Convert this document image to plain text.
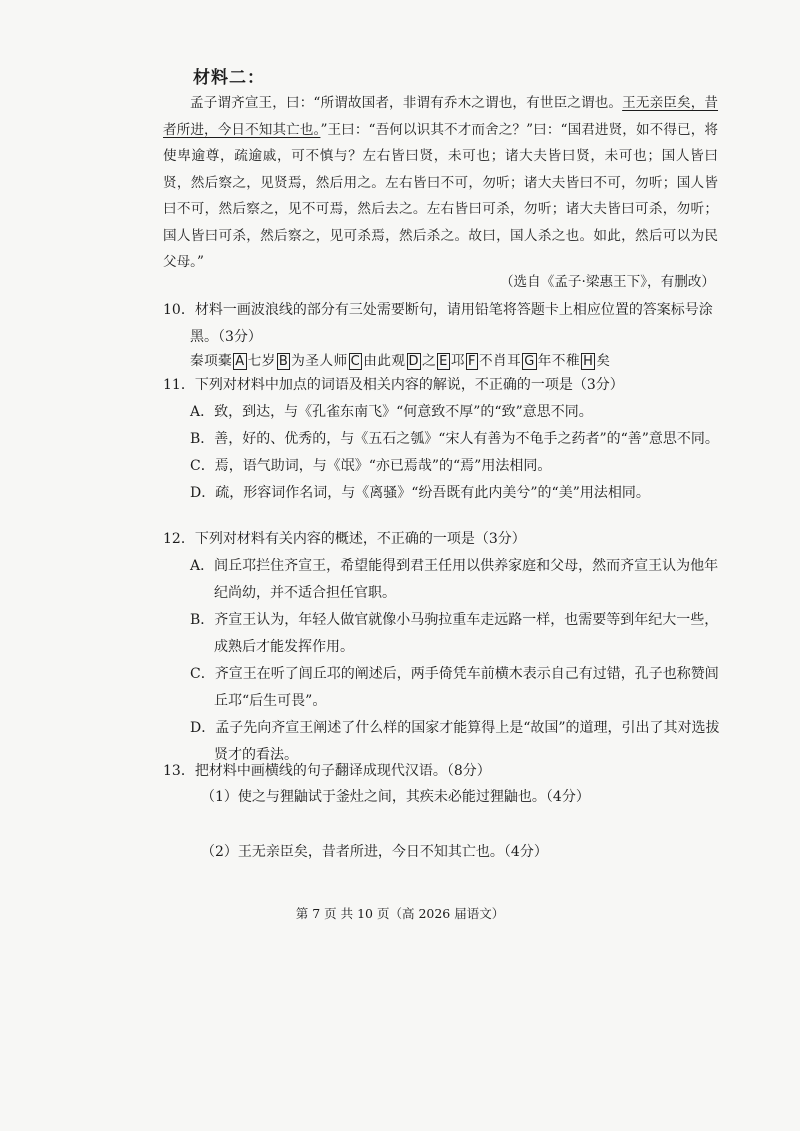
材料二：

孟子谓齐宣王，曰：“所谓故国者，非谓有乔木之谓也，有世臣之谓也。王无亲臣矣，昔者所进，今日不知其亡也。”王曰：“吾何以识其不才而舍之？”曰：“国君进贤，如不得已，将使卑逾尊，疏逾戚，可不慎与？左右皆曰贤，未可也；诸大夫皆曰贤，未可也；国人皆曰贤，然后察之，见贤焉，然后用之。左右皆曰不可，勿听；诸大夫皆曰不可，勿听；国人皆曰不可，然后察之，见不可焉，然后去之。左右皆曰可杀，勿听；诸大夫皆曰可杀，勿听；国人皆曰可杀，然后察之，见可杀焉，然后杀之。故曰，国人杀之也。如此，然后可以为民父母。”

（选自《孟子·梁惠王下》，有删改）
10．材料一画波浪线的部分有三处需要断句，请用铅笔将答题卡上相应位置的答案标号涂黑。（3分）
秦项橐 A 七岁 B 为圣人师 C 由此观 D 之 E 邛 F 不肖耳 G 年不稚 H 矣
11．下列对材料中加点的词语及相关内容的解说，不正确的一项是（3分）
A．致，到达，与《孔雀东南飞》“何意致不厚”的“致”意思不同。
B．善，好的、优秀的，与《五石之瓠》“宋人有善为不龟手之药者”的“善”意思不同。
C．焉，语气助词，与《氓》“亦已焉哉”的“焉”用法相同。
D．疏，形容词作名词，与《离骚》“纷吾既有此内美兮”的“美”用法相同。
12．下列对材料有关内容的概述，不正确的一项是（3分）
A．闾丘邛拦住齐宣王，希望能得到君王任用以供养家庭和父母，然而齐宣王认为他年纪尚幼，并不适合担任官职。
B．齐宣王认为，年轻人做官就像小马驹拉重车走远路一样，也需要等到年纪大一些，成熟后才能发挥作用。
C．齐宣王在听了闾丘邛的阐述后，两手倚凭车前横木表示自己有过错，孔子也称赞闾丘邛“后生可畏”。
D．孟子先向齐宣王阐述了什么样的国家才能算得上是“故国”的道理，引出了其对选拔贤才的看法。
13．把材料中画横线的句子翻译成现代汉语。（8分）
（1）使之与狸鼬试于釜灶之间，其疾未必能过狸鼬也。（4分）
（2）王无亲臣矣，昔者所进，今日不知其亡也。（4分）
第 7 页 共 10 页（高 2026 届语文）
